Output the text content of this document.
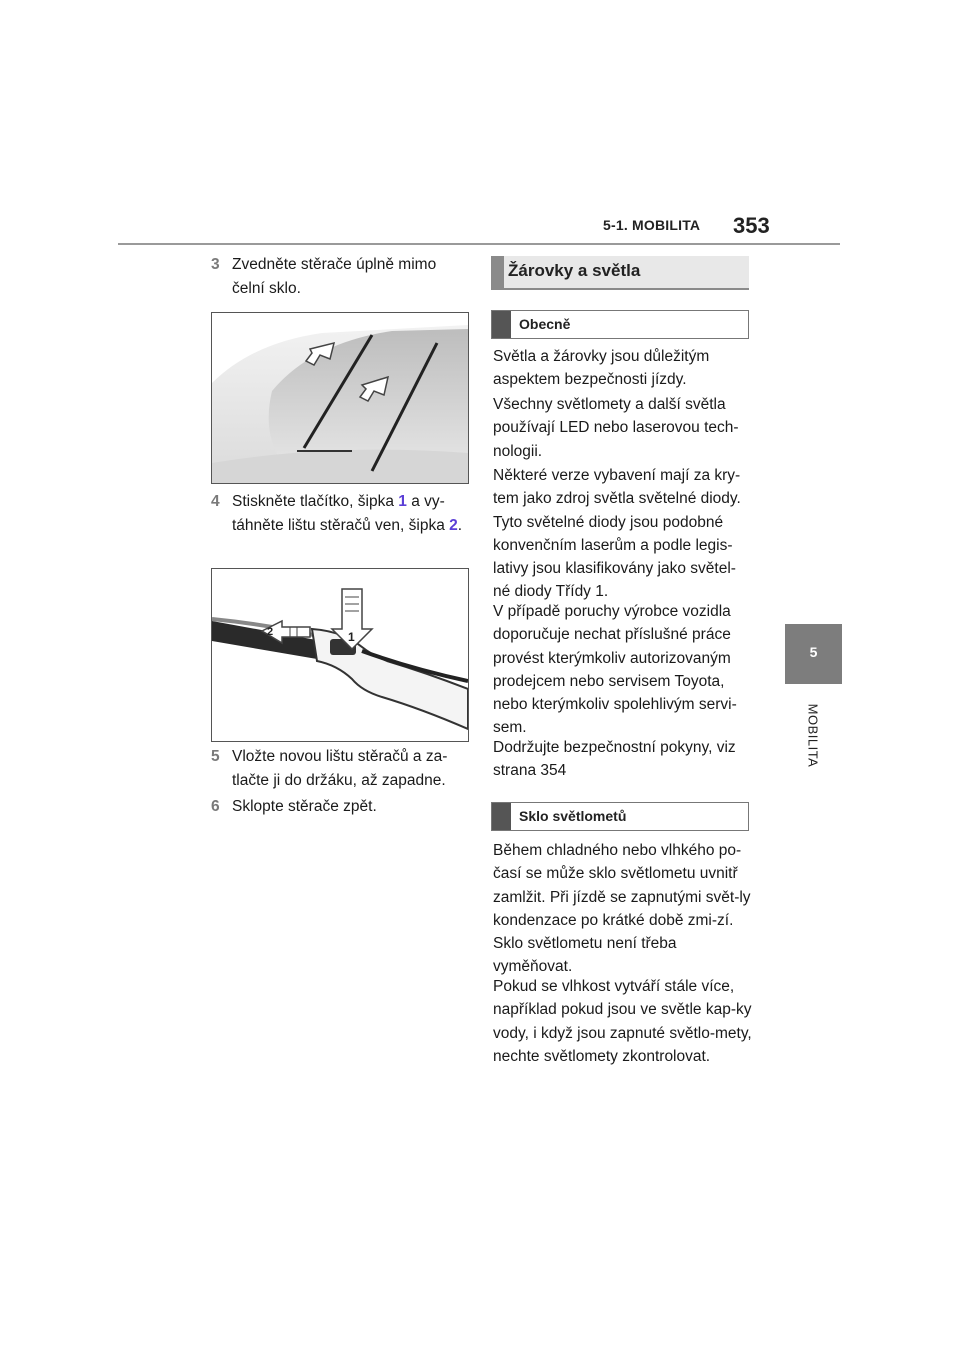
5-1. MOBILITA 353
5
MOBILITA
3 Zvedněte stěrače úplně mimo čelní sklo.
4 Stiskněte tlačítko, šipka 1 a vy-táhněte lištu stěračů ven, šipka 2.
1
2
5 Vložte novou lištu stěračů a za-tlačte ji do držáku, až zapadne.
6 Sklopte stěrače zpět.
Žárovky a světla
Obecně
Světla a žárovky jsou důležitým aspektem bezpečnosti jízdy.
Všechny světlomety a další světla používají LED nebo laserovou tech-nologii.
Některé verze vybavení mají za kry-tem jako zdroj světla světelné diody. Tyto světelné diody jsou podobné konvenčním laserům a podle legis-lativy jsou klasifikovány jako světel-né diody Třídy 1.
V případě poruchy výrobce vozidla doporučuje nechat příslušné práce provést kterýmkoliv autorizovaným prodejcem nebo servisem Toyota, nebo kterýmkoliv spolehlivým servi-sem.
Dodržujte bezpečnostní pokyny, viz strana 354
Sklo světlometů
Během chladného nebo vlhkého po-časí se může sklo světlometu uvnitř zamlžit. Při jízdě se zapnutými svět-ly kondenzace po krátké době zmi-zí. Sklo světlometu není třeba vyměňovat.
Pokud se vlhkost vytváří stále více, například pokud jsou ve světle kap-ky vody, i když jsou zapnuté světlo-mety, nechte světlomety zkontrolovat.
